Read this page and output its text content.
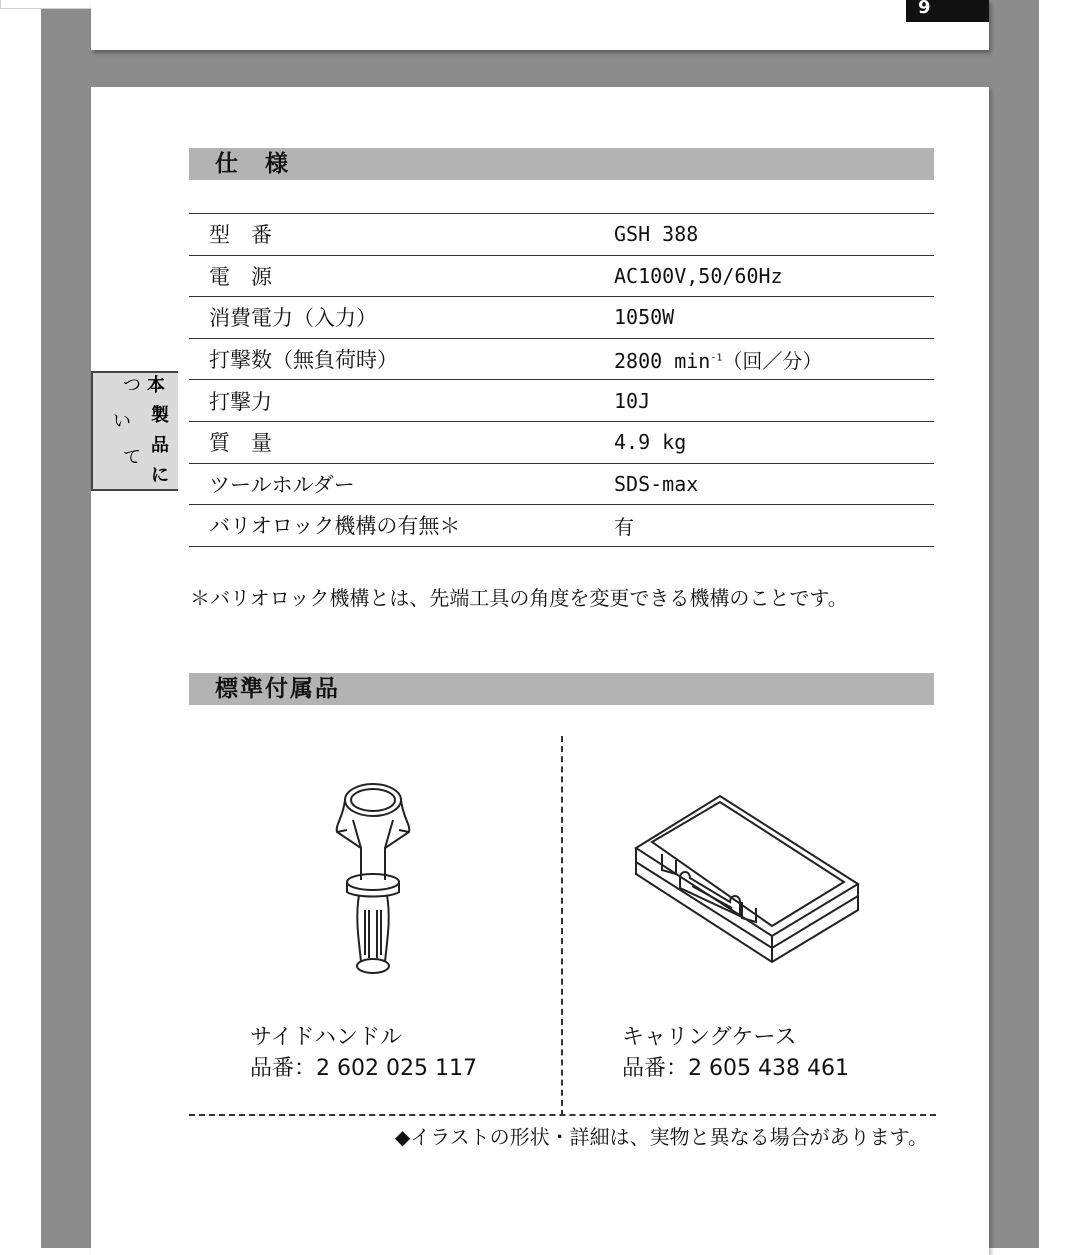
9
本
製
品
に
つ
い
て
仕　様
型　番	GSH 388
電　源	AC100V,50/60Hz
消費電力（入力）	1050W
打撃数（無負荷時）	2800 $\min^{-1}$（回／分）
打撃力	10J
質　量	4.9 kg
ツールホルダー	SDS-max
バリオロック機構の有無＊	有
＊バリオロック機構とは、先端工具の角度を変更できる機構のことです。
標準付属品
サイドハンドル
品番：2 602 025 117
キャリングケース
品番：2 605 438 461
◆イラストの形状・詳細は、実物と異なる場合があります。
